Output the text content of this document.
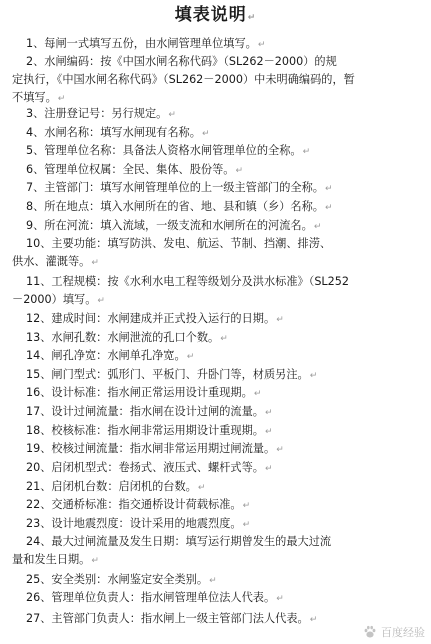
填表说明↵
1、每闸一式填写五份，由水闸管理单位填写。↵
2、水闸编码：按《中国水闸名称代码》（SL262－2000）的规
定执行，《中国水闸名称代码》（SL262－2000）中未明确编码的，暂
不填写。↵
3、注册登记号：另行规定。↵
4、水闸名称：填写水闸现有名称。↵
5、管理单位名称：具备法人资格水闸管理单位的全称。↵
6、管理单位权属：全民、集体、股份等。↵
7、主管部门：填写水闸管理单位的上一级主管部门的全称。↵
8、所在地点：填入水闸所在的省、地、县和镇（乡）名称。↵
9、所在河流：填入流域，一级支流和水闸所在的河流名。↵
10、主要功能：填写防洪、发电、航运、节制、挡潮、排涝、
供水、灌溉等。↵
11、工程规模：按《水利水电工程等级划分及洪水标准》（SL252
－2000）填写。↵
12、建成时间：水闸建成并正式投入运行的日期。↵
13、水闸孔数：水闸泄流的孔口个数。↵
14、闸孔净宽：水闸单孔净宽。↵
15、闸门型式：弧形门、平板门、升卧门等，材质另注。↵
16、设计标准：指水闸正常运用设计重现期。↵
17、设计过闸流量：指水闸在设计过闸的流量。↵
18、校核标准：指水闸非常运用期设计重现期。↵
19、校核过闸流量：指水闸非常运用期过闸流量。↵
20、启闭机型式：卷扬式、液压式、螺杆式等。↵
21、启闭机台数：启闭机的台数。↵
22、交通桥标准：指交通桥设计荷载标准。↵
23、设计地震烈度：设计采用的地震烈度。↵
24、最大过闸流量及发生日期：填写运行期曾发生的最大过流
量和发生日期。↵
25、安全类别：水闸鉴定安全类别。↵
26、管理单位负责人：指水闸管理单位法人代表。↵
27、主管部门负责人：指水闸上一级主管部门法人代表。↵
百度经验
